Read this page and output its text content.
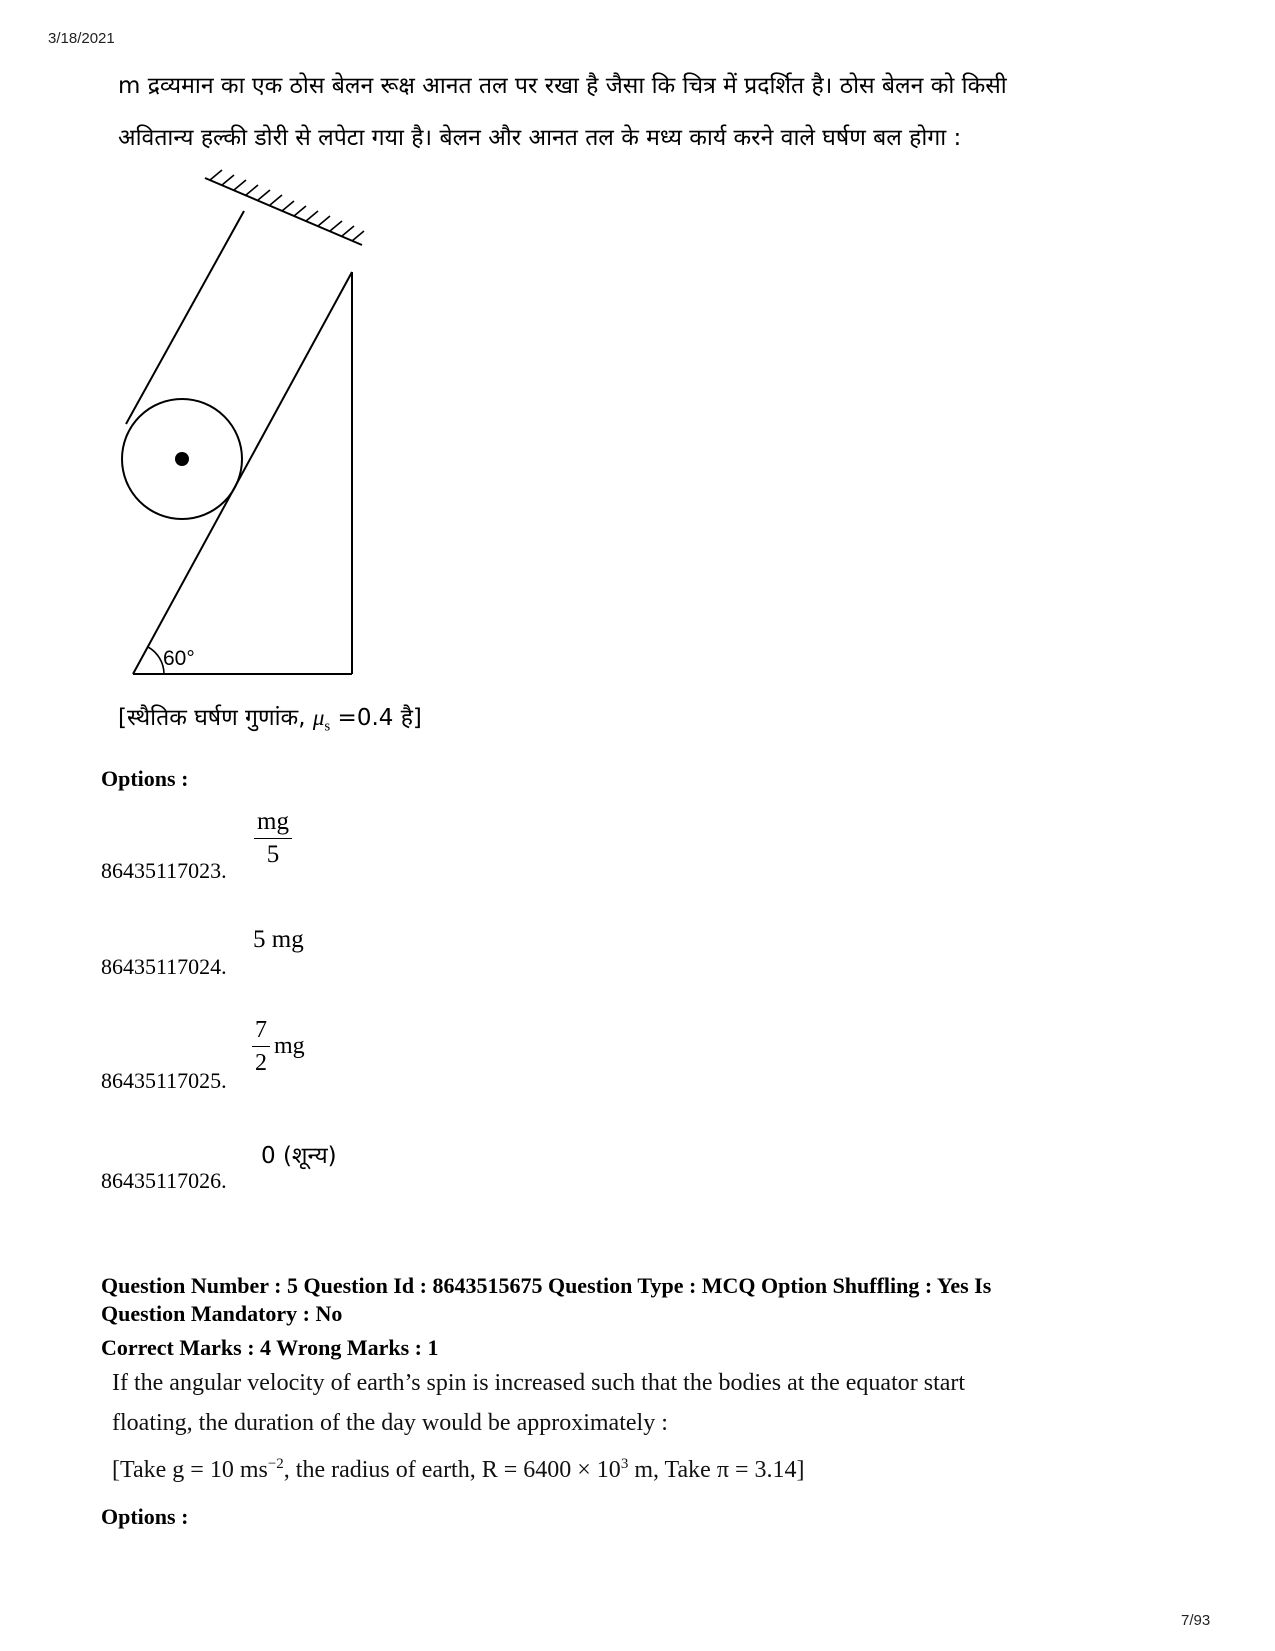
3/18/2021

m द्रव्यमान का एक ठोस बेलन रूक्ष आनत तल पर रखा है जैसा कि चित्र में प्रदर्शित है। ठोस बेलन को किसी

अवितान्य हल्की डोरी से लपेटा गया है। बेलन और आनत तल के मध्य कार्य करने वाले घर्षण बल होगा :

60°
[स्थैतिक घर्षण गुणांक, $\mu_s =0.4$ है]
Options :
86435117023. $\frac{mg}{5}$
86435117024.
5 mg
86435117025.
$\frac{7}{2}$ mg
86435117026.
0 (शून्य)
Question Number : 5 Question Id : 8643515675 Question Type : MCQ Option Shuffling : Yes Is
Question Mandatory : No
Correct Marks : 4 Wrong Marks : 1

If the angular velocity of earth’s spin is increased such that the bodies at the equator start

floating, the duration of the day would be approximately :

[Take g = 10 $ms^{-2}$, the radius of earth, $R = 6400 \times 10^3$ m, Take π = 3.14]
Options :
7/93
